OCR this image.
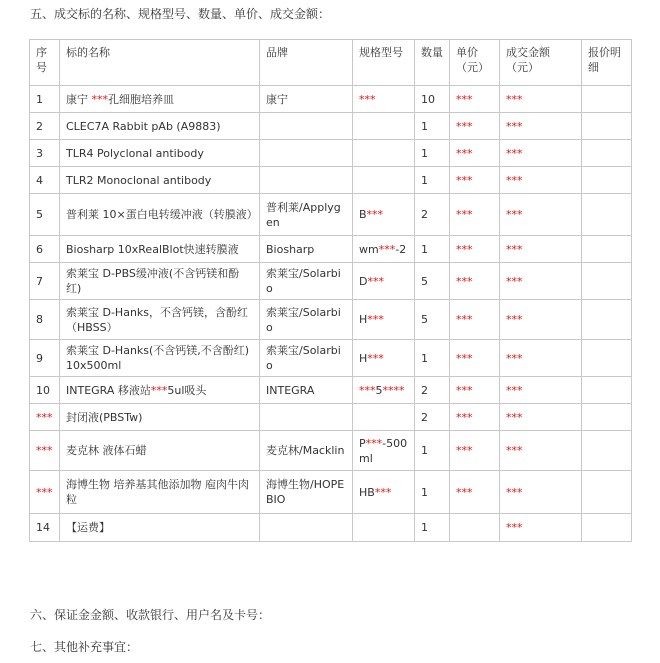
五、成交标的名称、规格型号、数量、单价、成交金额：
序号	标的名称	品牌	规格型号	数量	单价（元）	成交金额（元）	报价明细
1	康宁 ***孔细胞培养皿	康宁	***	10	***	***	
2	CLEC7A Rabbit pAb (A9883)			1	***	***	
3	TLR4 Polyclonal antibody			1	***	***	
4	TLR2 Monoclonal antibody			1	***	***	
5	普利莱 10×蛋白电转缓冲液（转膜液）	普利莱/Applygen	B***	2	***	***	
6	Biosharp 10xRealBlot快速转膜液	Biosharp	wm***-2	1	***	***	
7	索莱宝 D-PBS缓冲液(不含钙镁和酚红)	索莱宝/Solarbio	D***	5	***	***	
8	索莱宝 D-Hanks，不含钙镁，含酚红（HBSS）	索莱宝/Solarbio	H***	5	***	***	
9	索莱宝 D-Hanks(不含钙镁,不含酚红) 10x500ml	索莱宝/Solarbio	H***	1	***	***	
10	INTEGRA 移液站***5ul吸头	INTEGRA	***5****	2	***	***	
***	封闭液(PBSTw)			2	***	***	
***	麦克林 液体石蜡	麦克林/Macklin	P***-500ml	1	***	***	
***	海博生物 培养基其他添加物 庖肉牛肉粒	海博生物/HOPE BIO	HB***	1	***	***	
14	【运费】			1		***	
六、保证金金额、收款银行、用户名及卡号：
七、其他补充事宜：
